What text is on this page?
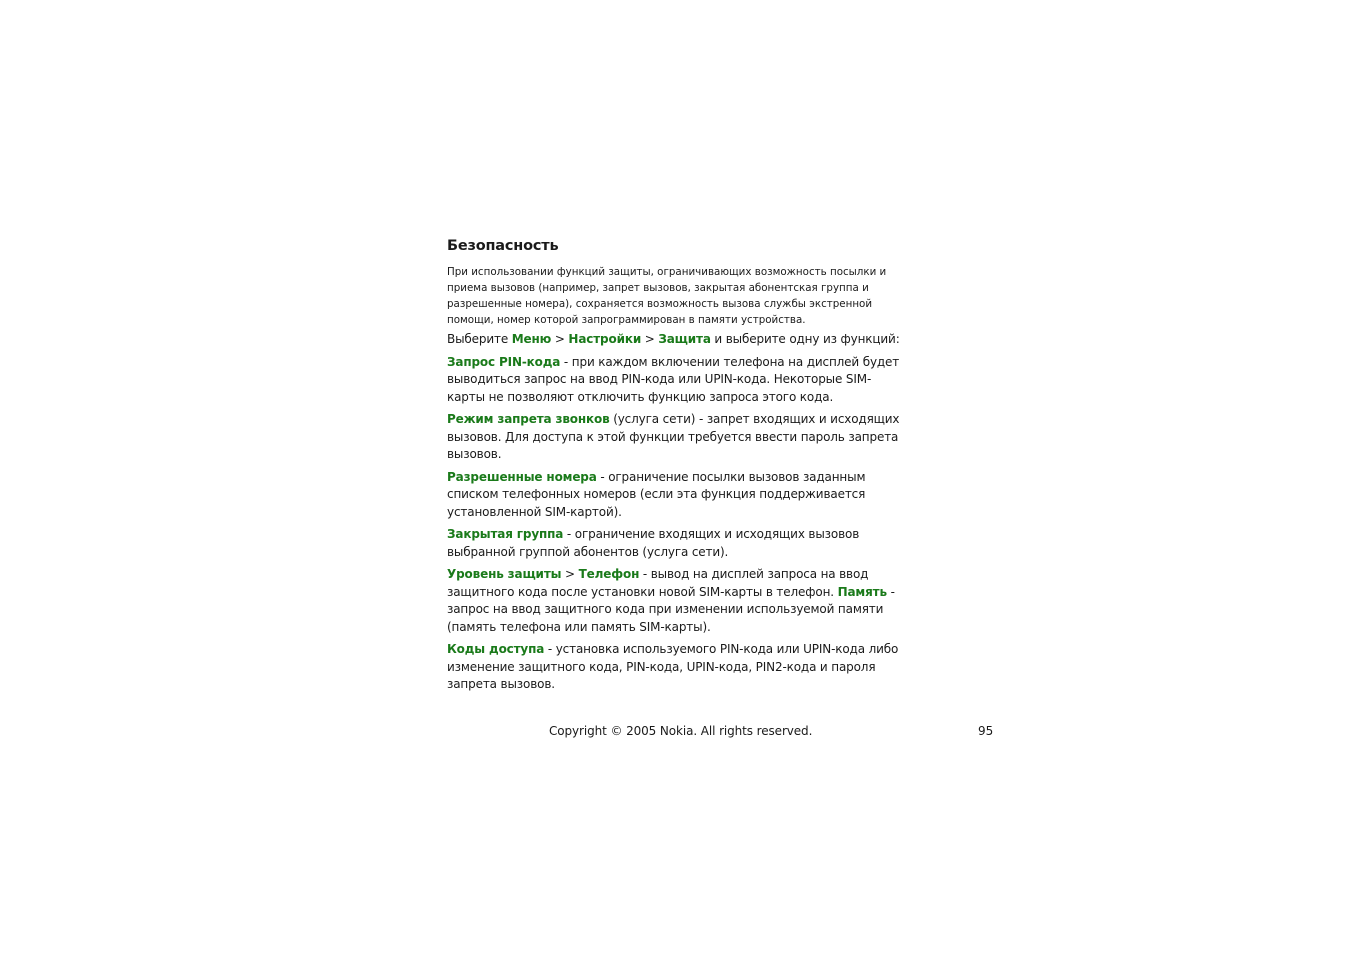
Безопасность

При использовании функций защиты, ограничивающих возможность посылки и приема вызовов (например, запрет вызовов, закрытая абонентская группа и разрешенные номера), сохраняется возможность вызова службы экстренной помощи, номер которой запрограммирован в памяти устройства.

Выберите Меню > Настройки > Защита и выберите одну из функций:

Запрос PIN-кода - при каждом включении телефона на дисплей будет выводиться запрос на ввод PIN-кода или UPIN-кода. Некоторые SIM-карты не позволяют отключить функцию запроса этого кода.

Режим запрета звонков (услуга сети) - запрет входящих и исходящих вызовов. Для доступа к этой функции требуется ввести пароль запрета вызовов.

Разрешенные номера - ограничение посылки вызовов заданным списком телефонных номеров (если эта функция поддерживается установленной SIM-картой).

Закрытая группа - ограничение входящих и исходящих вызовов выбранной группой абонентов (услуга сети).

Уровень защиты > Телефон - вывод на дисплей запроса на ввод защитного кода после установки новой SIM-карты в телефон. Память - запрос на ввод защитного кода при изменении используемой памяти (память телефона или память SIM-карты).

Коды доступа - установка используемого PIN-кода или UPIN-кода либо изменение защитного кода, PIN-кода, UPIN-кода, PIN2-кода и пароля запрета вызовов.

Copyright © 2005 Nokia. All rights reserved.	95
